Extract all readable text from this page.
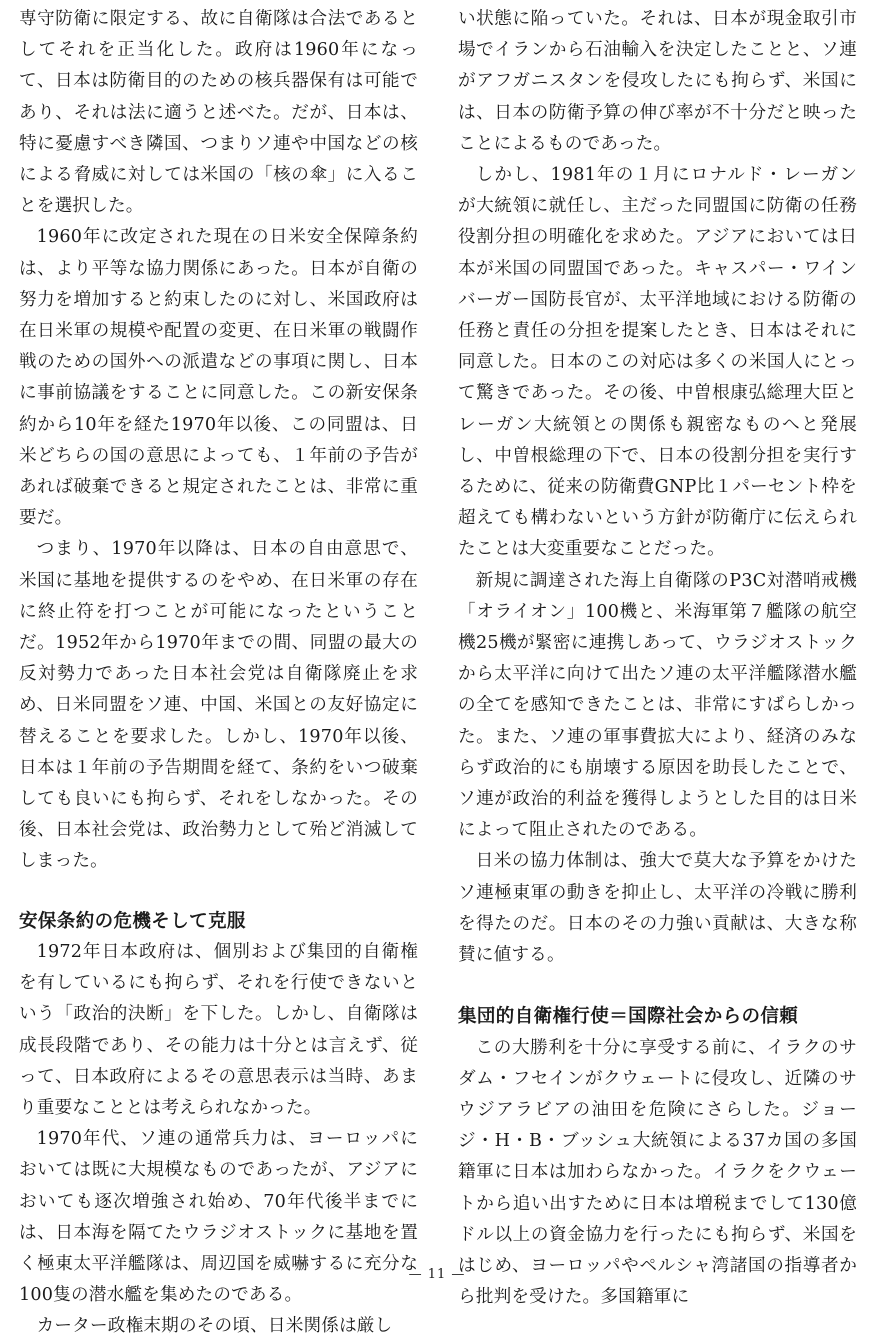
専守防衛に限定する、故に自衛隊は合法であるとしてそれを正当化した。政府は1960年になって、日本は防衛目的のための核兵器保有は可能であり、それは法に適うと述べた。だが、日本は、特に憂慮すべき隣国、つまりソ連や中国などの核による脅威に対しては米国の「核の傘」に入ることを選択した。

1960年に改定された現在の日米安全保障条約は、より平等な協力関係にあった。日本が自衛の努力を増加すると約束したのに対し、米国政府は在日米軍の規模や配置の変更、在日米軍の戦闘作戦のための国外への派遣などの事項に関し、日本に事前協議をすることに同意した。この新安保条約から10年を経た1970年以後、この同盟は、日米どちらの国の意思によっても、１年前の予告があれば破棄できると規定されたことは、非常に重要だ。

つまり、1970年以降は、日本の自由意思で、米国に基地を提供するのをやめ、在日米軍の存在に終止符を打つことが可能になったということだ。1952年から1970年までの間、同盟の最大の反対勢力であった日本社会党は自衛隊廃止を求め、日米同盟をソ連、中国、米国との友好協定に替えることを要求した。しかし、1970年以後、日本は１年前の予告期間を経て、条約をいつ破棄しても良いにも拘らず、それをしなかった。その後、日本社会党は、政治勢力として殆ど消滅してしまった。

安保条約の危機そして克服

1972年日本政府は、個別および集団的自衛権を有しているにも拘らず、それを行使できないという「政治的決断」を下した。しかし、自衛隊は成長段階であり、その能力は十分とは言えず、従って、日本政府によるその意思表示は当時、あまり重要なこととは考えられなかった。

1970年代、ソ連の通常兵力は、ヨーロッパにおいては既に大規模なものであったが、アジアにおいても逐次増強され始め、70年代後半までには、日本海を隔てたウラジオストックに基地を置く極東太平洋艦隊は、周辺国を威嚇するに充分な100隻の潜水艦を集めたのである。

カーター政権末期のその頃、日米関係は厳し

い状態に陥っていた。それは、日本が現金取引市場でイランから石油輸入を決定したことと、ソ連がアフガニスタンを侵攻したにも拘らず、米国には、日本の防衛予算の伸び率が不十分だと映ったことによるものであった。

しかし、1981年の１月にロナルド・レーガンが大統領に就任し、主だった同盟国に防衛の任務役割分担の明確化を求めた。アジアにおいては日本が米国の同盟国であった。キャスパー・ワインバーガー国防長官が、太平洋地域における防衛の任務と責任の分担を提案したとき、日本はそれに同意した。日本のこの対応は多くの米国人にとって驚きであった。その後、中曽根康弘総理大臣とレーガン大統領との関係も親密なものへと発展し、中曽根総理の下で、日本の役割分担を実行するために、従来の防衛費GNP比１パーセント枠を超えても構わないという方針が防衛庁に伝えられたことは大変重要なことだった。

新規に調達された海上自衛隊のP3C対潜哨戒機「オライオン」100機と、米海軍第７艦隊の航空機25機が緊密に連携しあって、ウラジオストックから太平洋に向けて出たソ連の太平洋艦隊潜水艦の全てを感知できたことは、非常にすばらしかった。また、ソ連の軍事費拡大により、経済のみならず政治的にも崩壊する原因を助長したことで、ソ連が政治的利益を獲得しようとした目的は日米によって阻止されたのである。

日米の協力体制は、強大で莫大な予算をかけたソ連極東軍の動きを抑止し、太平洋の冷戦に勝利を得たのだ。日本のその力強い貢献は、大きな称賛に値する。

集団的自衛権行使＝国際社会からの信頼

この大勝利を十分に享受する前に、イラクのサダム・フセインがクウェートに侵攻し、近隣のサウジアラビアの油田を危険にさらした。ジョージ・H・B・ブッシュ大統領による37カ国の多国籍軍に日本は加わらなかった。イラクをクウェートから追い出すために日本は増税までして130億ドル以上の資金協力を行ったにも拘らず、米国をはじめ、ヨーロッパやペルシャ湾諸国の指導者から批判を受けた。多国籍軍に

— 11 —
